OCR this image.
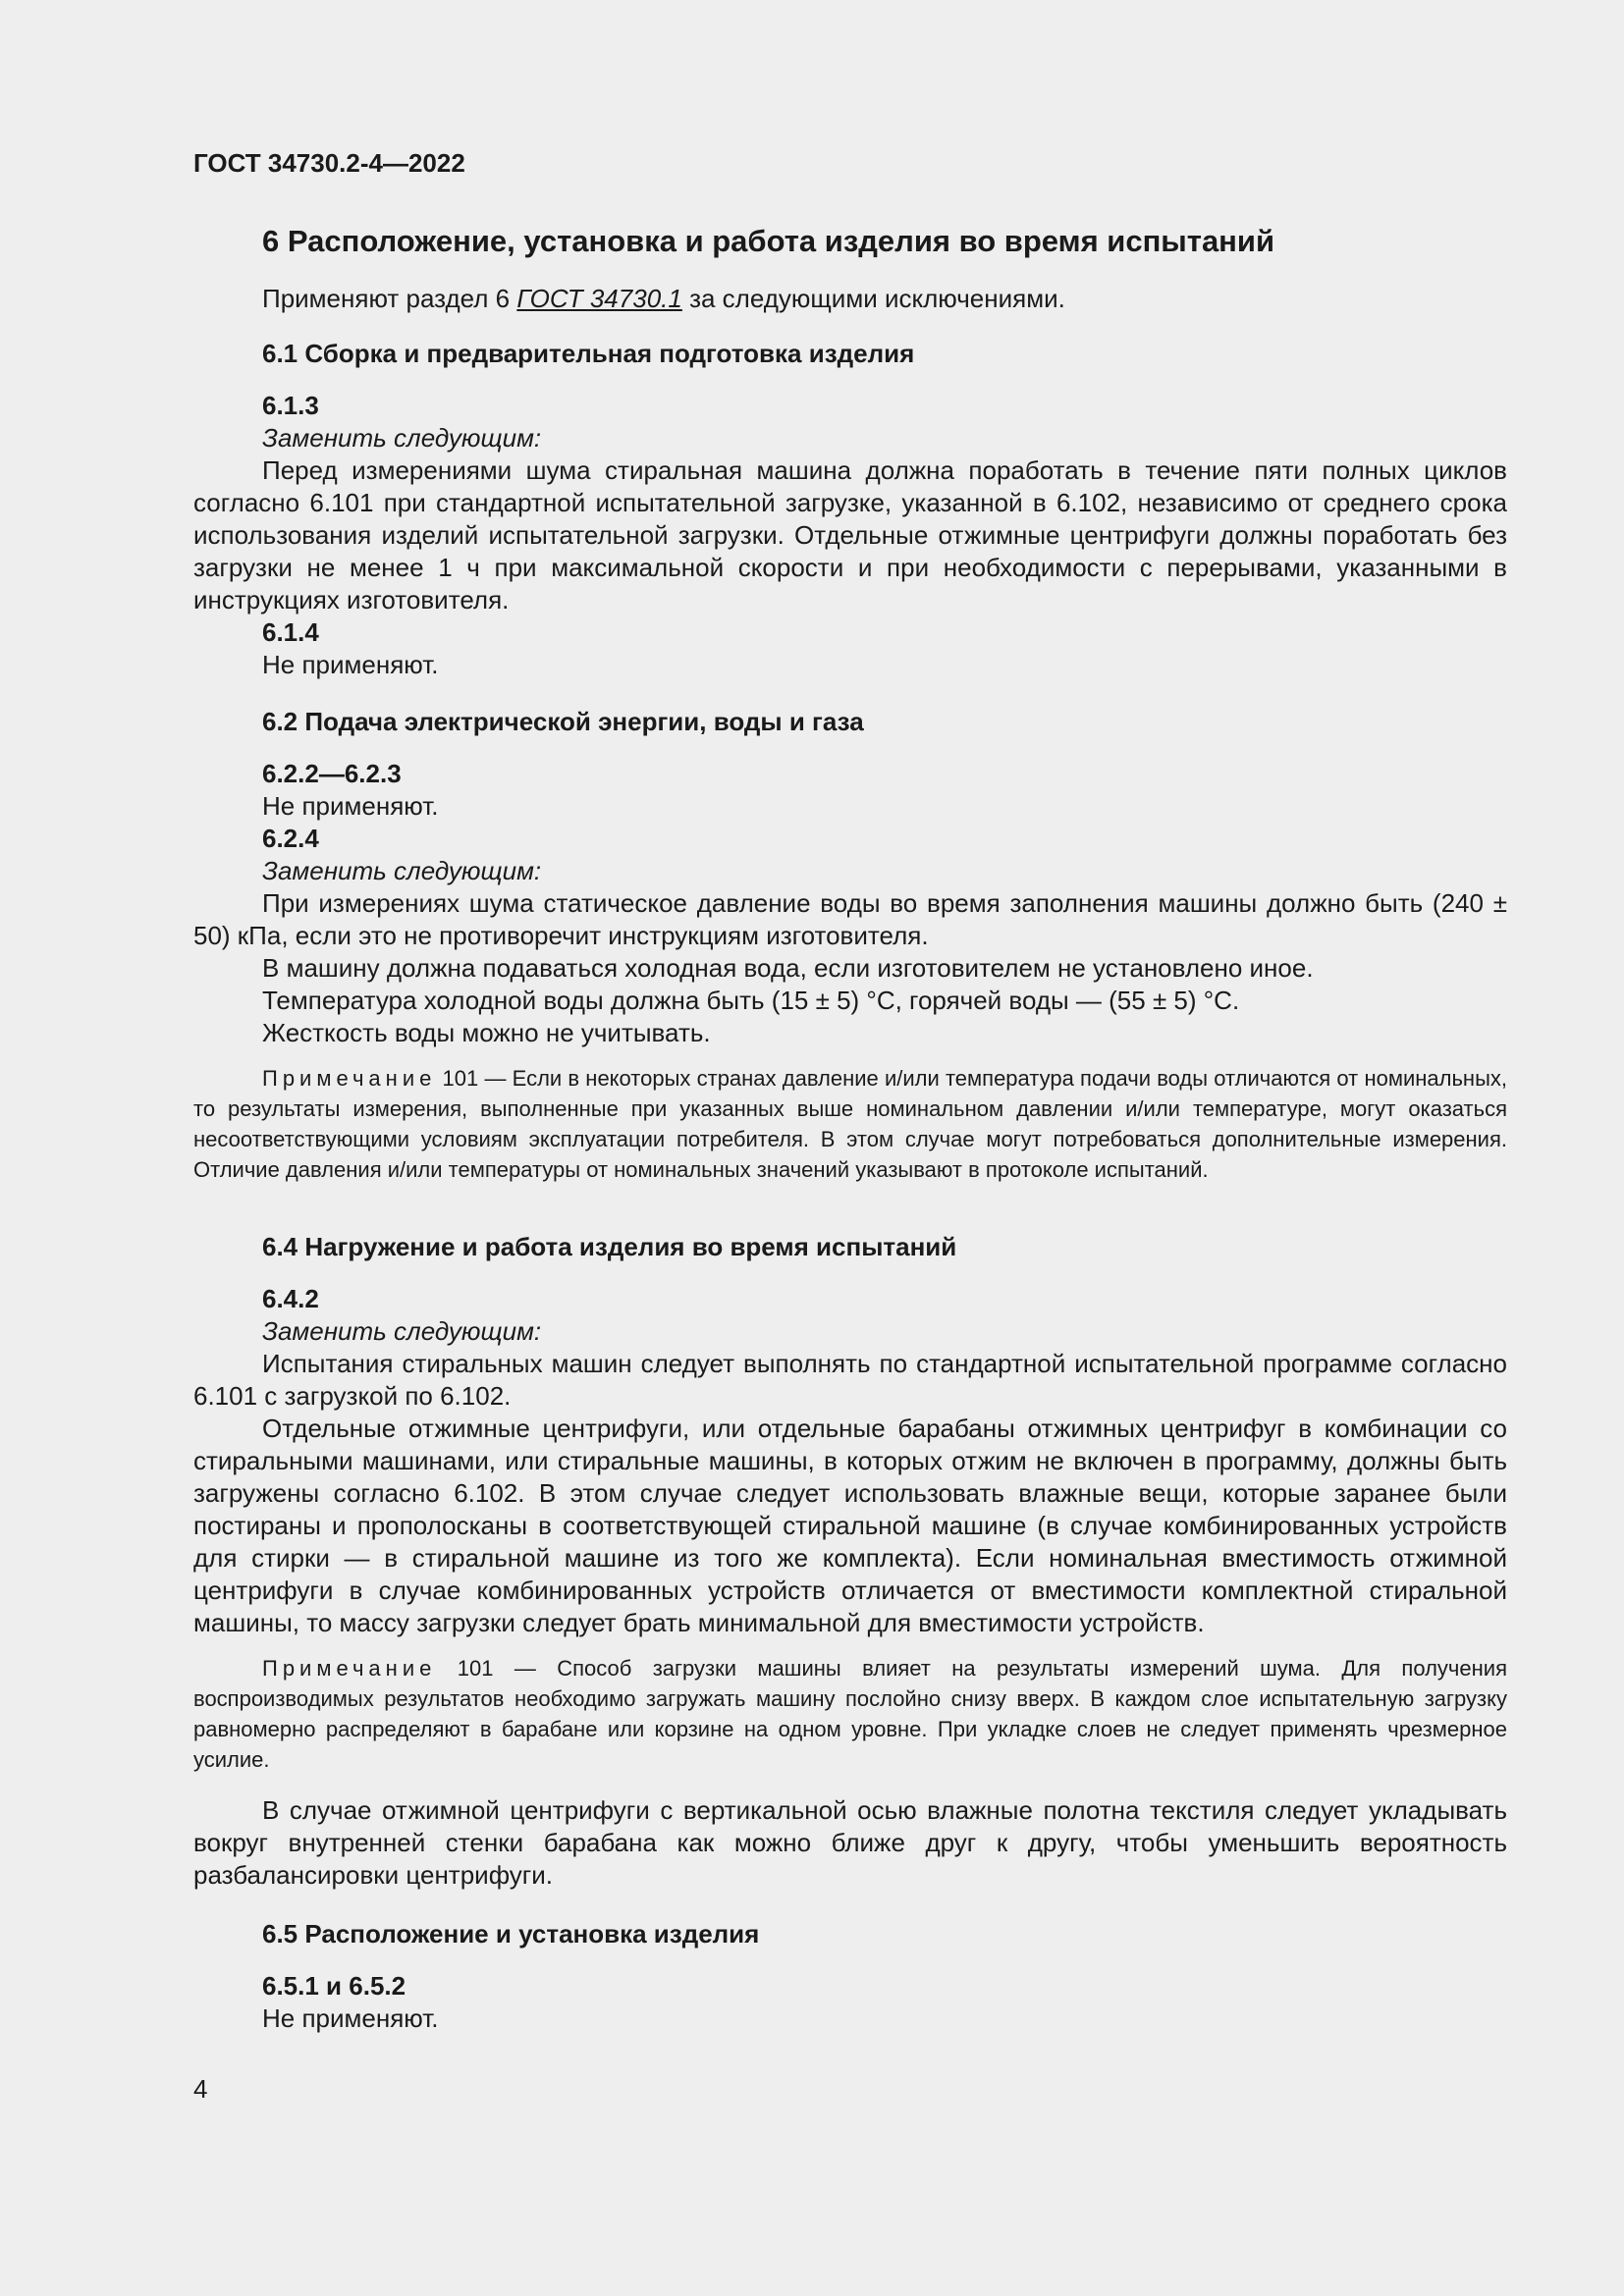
ГОСТ 34730.2-4—2022
6 Расположение, установка и работа изделия во время испытаний
Применяют раздел 6 ГОСТ 34730.1 за следующими исключениями.
6.1 Сборка и предварительная подготовка изделия
6.1.3
Заменить следующим:

Перед измерениями шума стиральная машина должна поработать в течение пяти полных циклов согласно 6.101 при стандартной испытательной загрузке, указанной в 6.102, независимо от среднего срока использования изделий испытательной загрузки. Отдельные отжимные центрифуги должны поработать без загрузки не менее 1 ч при максимальной скорости и при необходимости с перерывами, указанными в инструкциях изготовителя.

6.1.4
Не применяют.
6.2 Подача электрической энергии, воды и газа
6.2.2—6.2.3
Не применяют.
6.2.4
Заменить следующим:

При измерениях шума статическое давление воды во время заполнения машины должно быть (240 ± 50) кПа, если это не противоречит инструкциям изготовителя.

В машину должна подаваться холодная вода, если изготовителем не установлено иное.

Температура холодной воды должна быть (15 ± 5) °С, горячей воды — (55 ± 5) °С.

Жесткость воды можно не учитывать.

Примечание 101 — Если в некоторых странах давление и/или температура подачи воды отличаются от номинальных, то результаты измерения, выполненные при указанных выше номинальном давлении и/или температуре, могут оказаться несоответствующими условиям эксплуатации потребителя. В этом случае могут потребоваться дополнительные измерения. Отличие давления и/или температуры от номинальных значений указывают в протоколе испытаний.

6.4 Нагружение и работа изделия во время испытаний
6.4.2
Заменить следующим:

Испытания стиральных машин следует выполнять по стандартной испытательной программе согласно 6.101 с загрузкой по 6.102.

Отдельные отжимные центрифуги, или отдельные барабаны отжимных центрифуг в комбинации со стиральными машинами, или стиральные машины, в которых отжим не включен в программу, должны быть загружены согласно 6.102. В этом случае следует использовать влажные вещи, которые заранее были постираны и прополосканы в соответствующей стиральной машине (в случае комбинированных устройств для стирки — в стиральной машине из того же комплекта). Если номинальная вместимость отжимной центрифуги в случае комбинированных устройств отличается от вместимости комплектной стиральной машины, то массу загрузки следует брать минимальной для вместимости устройств.

Примечание 101 — Способ загрузки машины влияет на результаты измерений шума. Для получения воспроизводимых результатов необходимо загружать машину послойно снизу вверх. В каждом слое испытательную загрузку равномерно распределяют в барабане или корзине на одном уровне. При укладке слоев не следует применять чрезмерное усилие.

В случае отжимной центрифуги с вертикальной осью влажные полотна текстиля следует укладывать вокруг внутренней стенки барабана как можно ближе друг к другу, чтобы уменьшить вероятность разбалансировки центрифуги.

6.5 Расположение и установка изделия
6.5.1 и 6.5.2
Не применяют.
4
